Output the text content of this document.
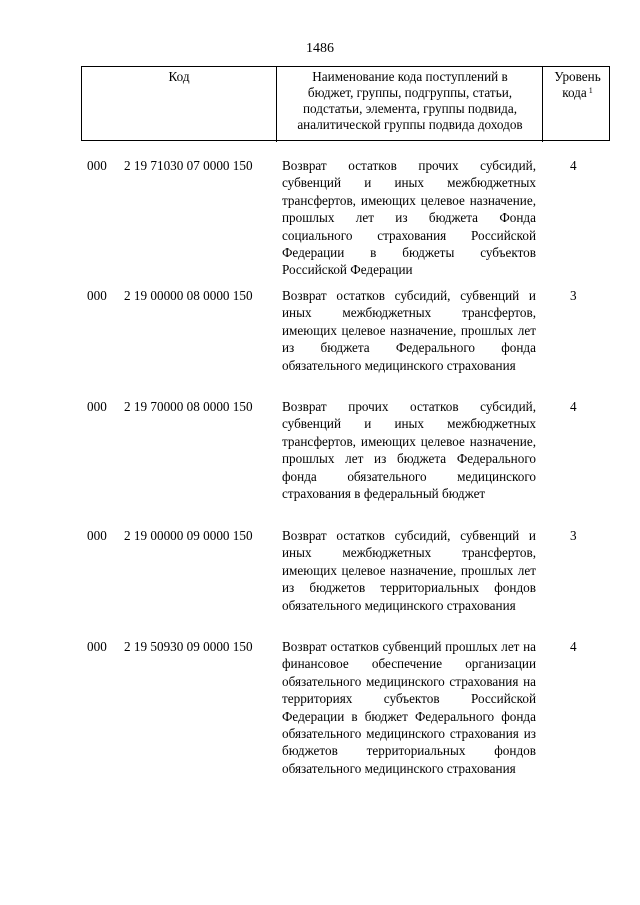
1486
Код	Наименование кода поступлений в
бюджет, группы, подгруппы, статьи,
подстатьи, элемента, группы подвида,
аналитической группы подвида доходов
Уровень
кода $^1$
000 2 19 71030 07 0000 150 Возврат остатков прочих субсидий, субвенций и иных межбюджетных трансфертов, имеющих целевое назначение, прошлых лет из бюджета Фонда социального страхования Российской Федерации в бюджеты субъектов Российской Федерации
4
000 2 19 00000 08 0000 150 Возврат остатков субсидий, субвенций и иных межбюджетных трансфертов, имеющих целевое назначение, прошлых лет из бюджета Федерального фонда обязательного медицинского страхования
3
000 2 19 70000 08 0000 150 Возврат прочих остатков субсидий, субвенций и иных межбюджетных трансфертов, имеющих целевое назначение, прошлых лет из бюджета Федерального фонда обязательного медицинского страхования в федеральный бюджет
4
000 2 19 00000 09 0000 150 Возврат остатков субсидий, субвенций и иных межбюджетных трансфертов, имеющих целевое назначение, прошлых лет из бюджетов территориальных фондов обязательного медицинского страхования
3
000 2 19 50930 09 0000 150 Возврат остатков субвенций прошлых лет на финансовое обеспечение организации обязательного медицинского страхования на территориях субъектов Российской Федерации в бюджет Федерального фонда обязательного медицинского страхования из бюджетов территориальных фондов обязательного медицинского страхования
4
